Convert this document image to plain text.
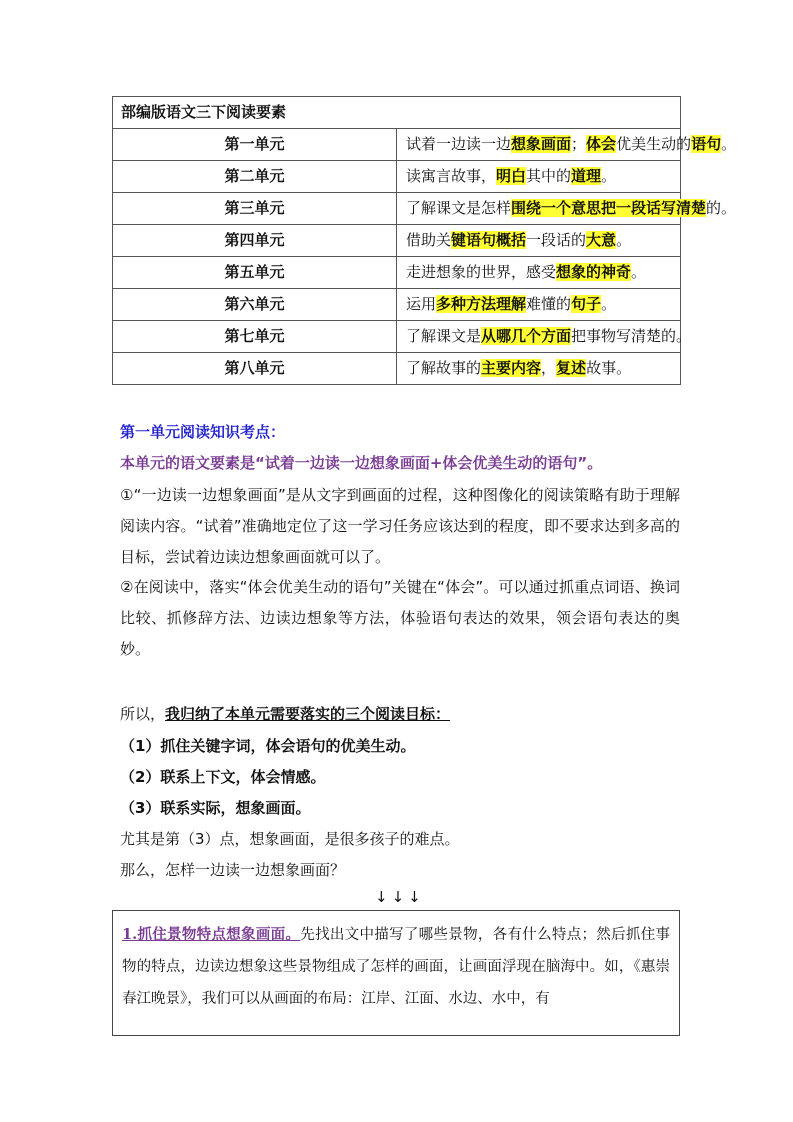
部编版语文三下阅读要素	
第一单元	试着一边读一边想象画面；体会优美生动的语句。
第二单元	读寓言故事，明白其中的道理。
第三单元	了解课文是怎样围绕一个意思把一段话写清楚的。
第四单元	借助关键语句概括一段话的大意。
第五单元	走进想象的世界，感受想象的神奇。
第六单元	运用多种方法理解难懂的句子。
第七单元	了解课文是从哪几个方面把事物写清楚的。
第八单元	了解故事的主要内容，复述故事。
第一单元阅读知识考点：
本单元的语文要素是“试着一边读一边想象画面+体会优美生动的语句”。

①“一边读一边想象画面”是从文字到画面的过程，这种图像化的阅读策略有助于理解阅读内容。“试着”准确地定位了这一学习任务应该达到的程度，即不要求达到多高的目标，尝试着边读边想象画面就可以了。

②在阅读中，落实“体会优美生动的语句”关键在“体会”。可以通过抓重点词语、换词比较、抓修辞方法、边读边想象等方法，体验语句表达的效果，领会语句表达的奥妙。

所以，我归纳了本单元需要落实的三个阅读目标：
（1）抓住关键字词，体会语句的优美生动。
（2）联系上下文，体会情感。
（3）联系实际，想象画面。
尤其是第（3）点，想象画面，是很多孩子的难点。
那么，怎样一边读一边想象画面？
↓↓↓

1.抓住景物特点想象画面。先找出文中描写了哪些景物，各有什么特点；然后抓住事物的特点，边读边想象这些景物组成了怎样的画面，让画面浮现在脑海中。如，《惠崇春江晚景》，我们可以从画面的布局：江岸、江面、水边、水中，有
